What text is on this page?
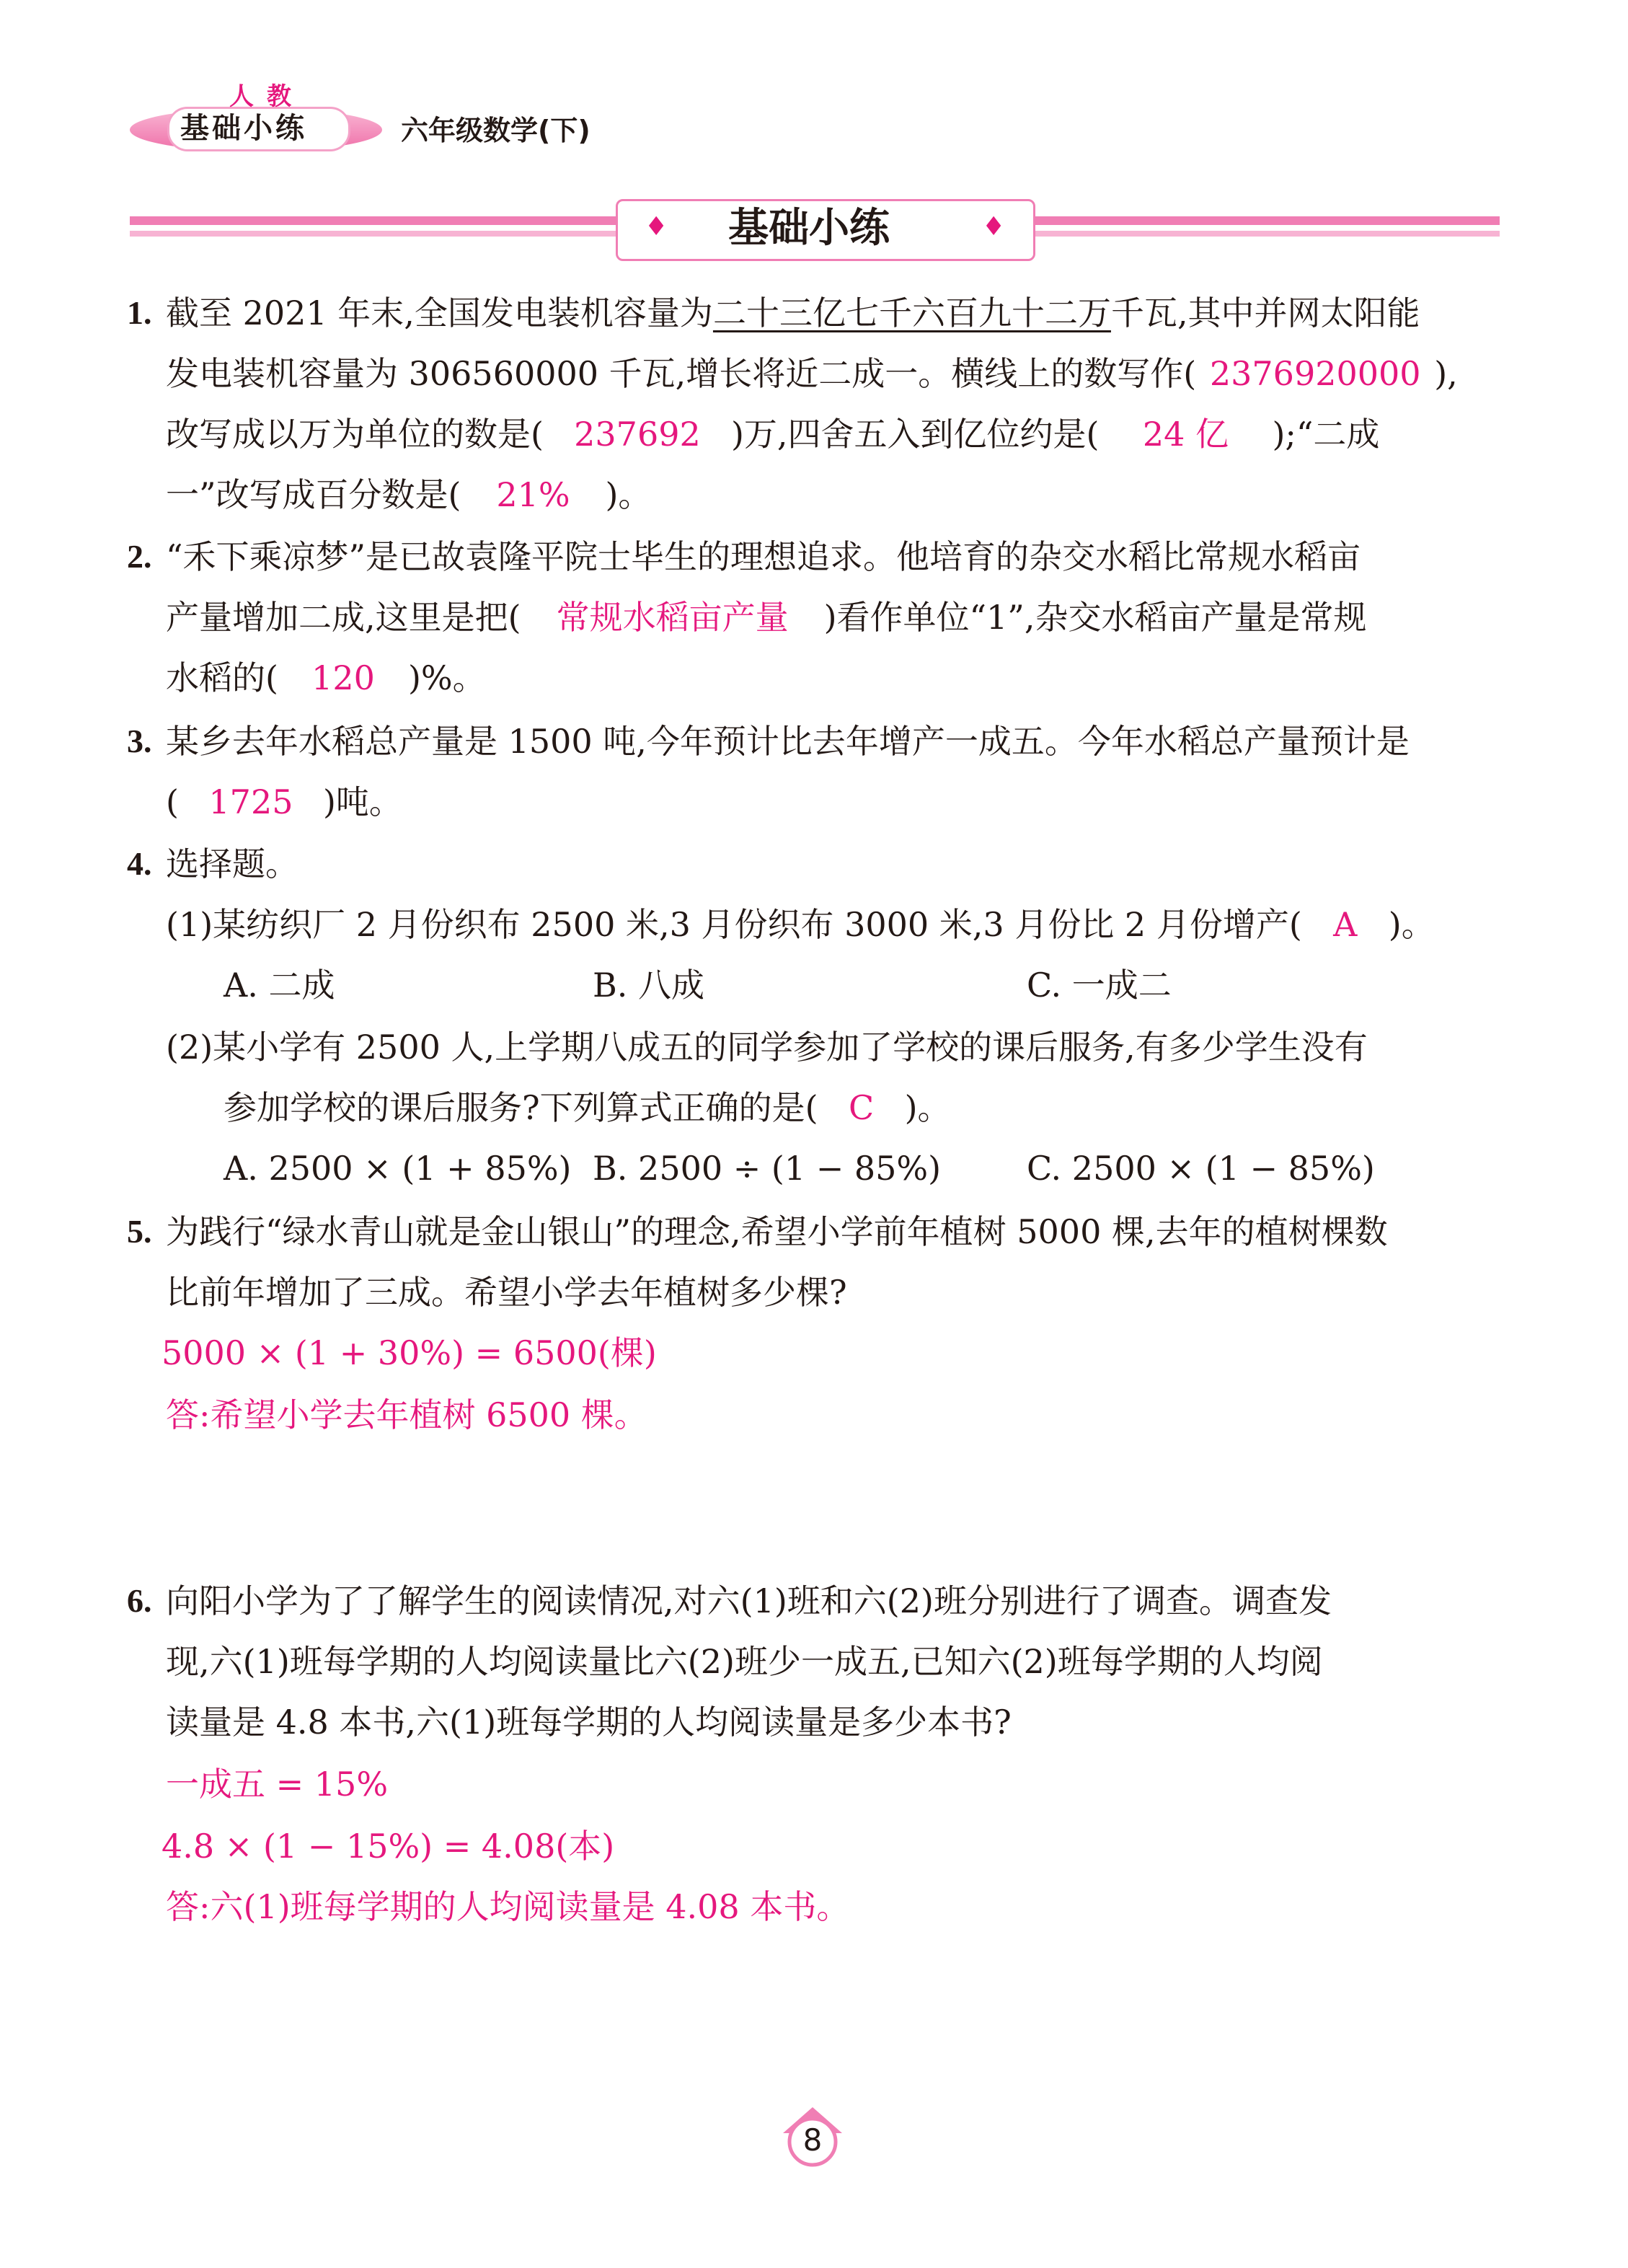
人教
基础小练	六年级数学(下)
♦	♦
基础小练
1. 截至 2021 年末,全国发电装机容量为二十三亿七千六百九十二万千瓦,其中并网太阳能
发电装机容量为 306560000 千瓦,增长将近二成一。横线上的数写作( 2376920000 ),
改写成以万为单位的数是( 237692 )万,四舍五入到亿位约是( 24 亿 );“二成
一”改写成百分数是( 21% )。
2. “禾下乘凉梦”是已故袁隆平院士毕生的理想追求。他培育的杂交水稻比常规水稻亩
产量增加二成,这里是把( 常规水稻亩产量 )看作单位“1”,杂交水稻亩产量是常规
水稻的( 120 )%。
3. 某乡去年水稻总产量是 1500 吨,今年预计比去年增产一成五。今年水稻总产量预计是
( 1725 )吨。
4. 选择题。
(1)某纺织厂 2 月份织布 2500 米,3 月份织布 3000 米,3 月份比 2 月份增产( A )。
A. 二成	B. 八成	C. 一成二
(2)某小学有 2500 人,上学期八成五的同学参加了学校的课后服务,有多少学生没有
参加学校的课后服务?下列算式正确的是( C )。
A. 2500 × (1 + 85%) B. 2500 ÷ (1 − 85%)	C. 2500 × (1 − 85%)
5. 为践行“绿水青山就是金山银山”的理念,希望小学前年植树 5000 棵,去年的植树棵数
比前年增加了三成。希望小学去年植树多少棵?
5000 × (1 + 30%) = 6500(棵)
答:希望小学去年植树 6500 棵。
6. 向阳小学为了了解学生的阅读情况,对六(1)班和六(2)班分别进行了调查。调查发
现,六(1)班每学期的人均阅读量比六(2)班少一成五,已知六(2)班每学期的人均阅
读量是 4.8 本书,六(1)班每学期的人均阅读量是多少本书?
一成五 = 15%
4.8 × (1 − 15%) = 4.08(本)
答:六(1)班每学期的人均阅读量是 4.08 本书。
8
